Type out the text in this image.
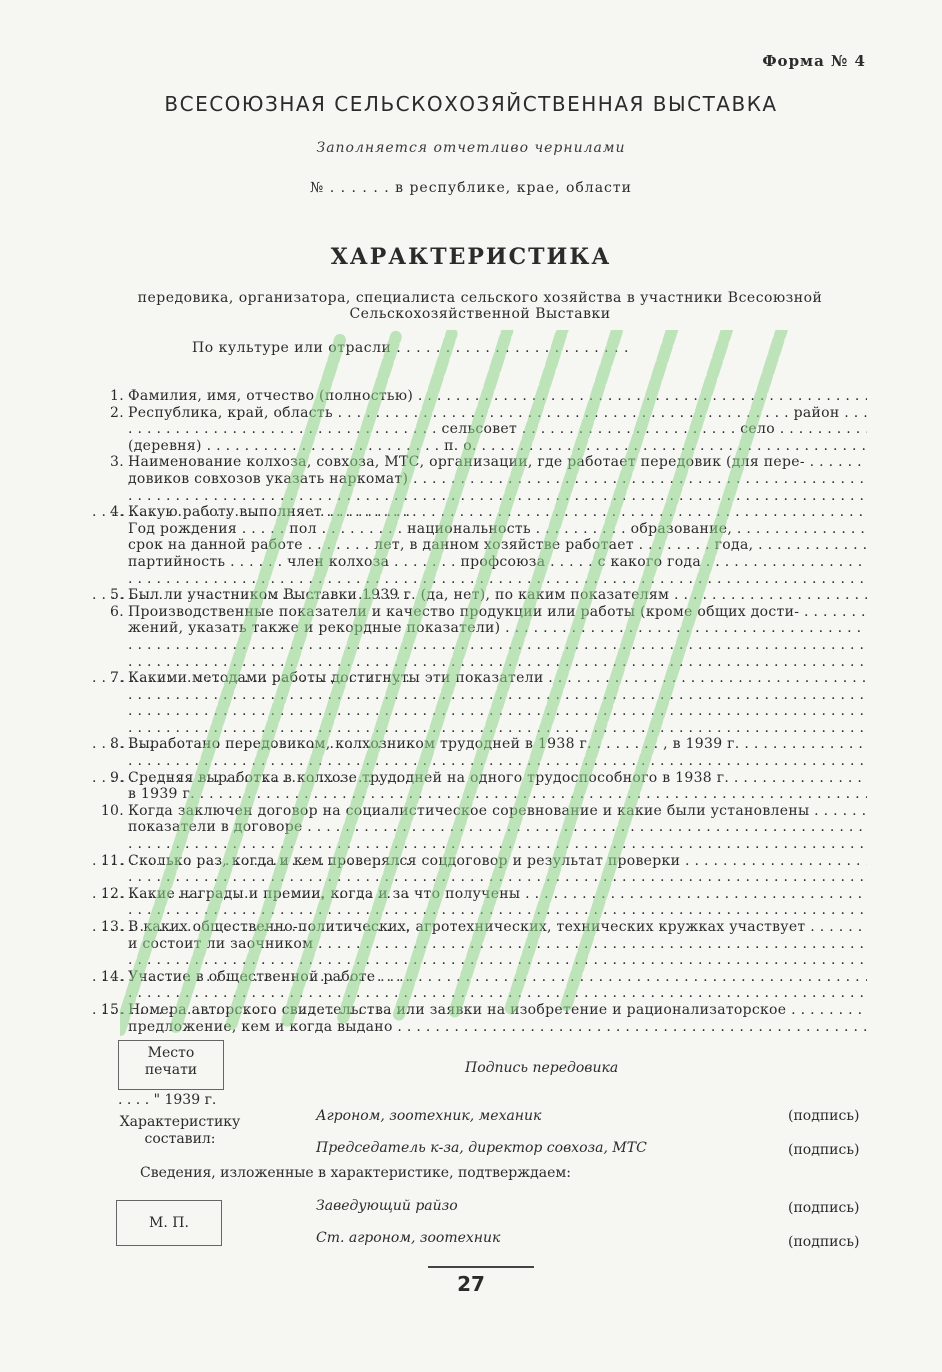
Форма № 4
ВСЕСОЮЗНАЯ СЕЛЬСКОХОЗЯЙСТВЕННАЯ ВЫСТАВКА
Заполняется отчетливо чернилами
№ . . . . . . в республике, крае, области
ХАРАКТЕРИСТИКА
передовика, организатора, специалиста сельского хозяйства в участники Всесоюзной Сельскохозяйственной Выставки
По культуре или отрасли . . . . . . . . . . . . . . . . . . . . . . . .
1. Фамилия, имя, отчество (полностью) . . .
2. Республика, край, область . . . . . . . . . . . . . . . . . . . . . . . . . . . . . . . . . . . . . . . . . . . . . . . . район . . .
. . . . . . . . . . . . . . . . . . . . . . . . . . . . . . . . . сельсовет . . . . . . . . . . . . . . . . . . . . . . . село . . .
(деревня) . . . . . . . . . . . . . . . . . . . . . . . . . п. о. . . .
3. Наименование колхоза, совхоза, МТС, организации, где работает передовик (для пере- . . .
довиков совхозов указать наркомат) . . .
. . .
4. Какую работу выполняет . . .
Год рождения . . . . . пол . . . . . . . . . национальность . . . . . . . . . . образование, . . .
срок на данной работе . . . . . . . лет, в данном хозяйстве работает . . . . . . . . года, . . .
партийность . . . . . . член колхоза . . . . . . . профсоюза . . . . . с какого года . . . . . . .
. . .
5. Был ли участником Выставки 1939 г. (да, нет), по каким показателям . . .
6. Производственные показатели и качество продукции или работы (кроме общих дости- . . .
жений, указать также и рекордные показатели) . . .
. . .
. . .
7. Какими методами работы достигнуты эти показатели . . .
. . .
. . .
. . .
8. Выработано передовиком, колхозником трудодней в 1938 г. . . . . . . . , в 1939 г. . . .
. . .
9. Средняя выработка в колхозе трудодней на одного трудоспособного в 1938 г. . . . . . . . . .
в 1939 г. . . . . . . . . . .
10. Когда заключен договор на социалистическое соревнование и какие были установлены . . .
показатели в договоре . . .
. . .
11. Сколько раз, когда и кем проверялся соцдоговор и результат проверки . . .
. . .
12. Какие награды и премии, когда и за что получены . . .
. . .
13. В каких общественно-политических, агротехнических, технических кружках участвует . . .
и состоит ли заочником . . .
. . .
14. Участие в общественной работе . . .
. . .
15. Номера авторского свидетельства или заявки на изобретение и рационализаторское . . .
предложение, кем и когда выдано . . .
Место печати	Подпись передовика
. . . . " 1939 г.
Характеристику составил:
Агроном, зоотехник, механик	(подпись)
Председатель к-за, директор совхоза, МТС	(подпись)
Сведения, изложенные в характеристике, подтверждаем:
М. П.
Заведующий райзо	(подпись)
Ст. агроном, зоотехник	(подпись)
27
